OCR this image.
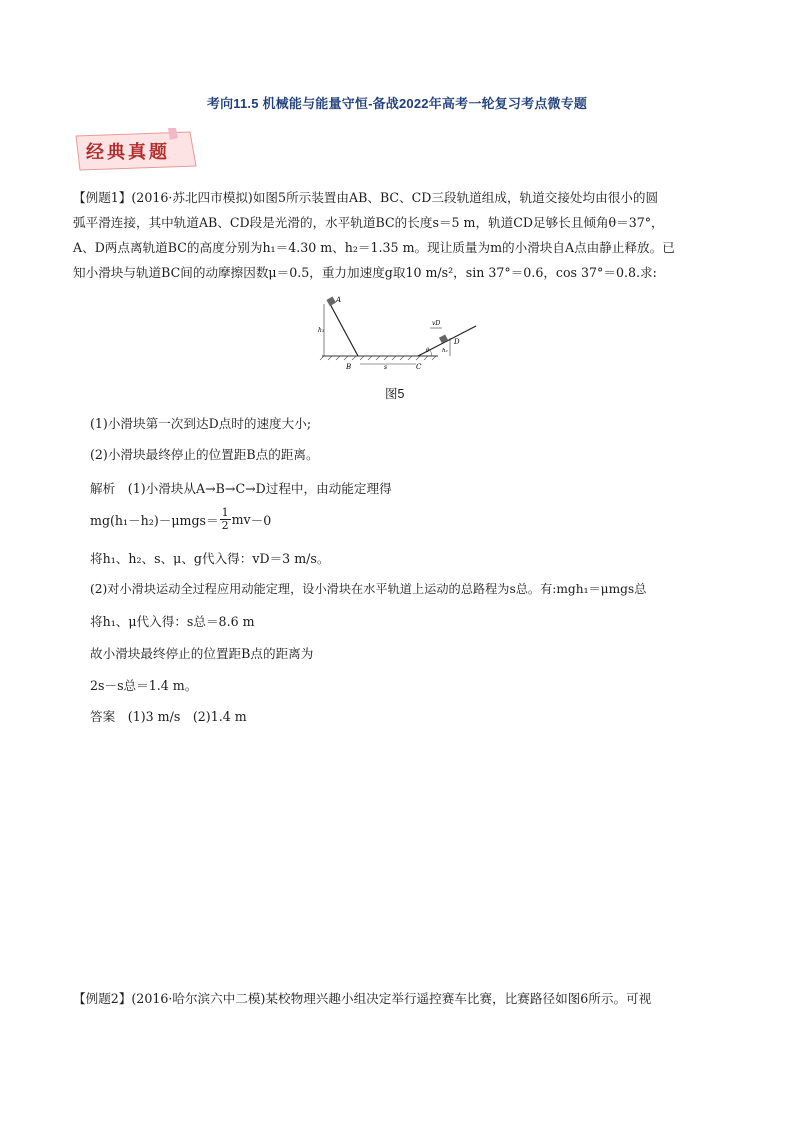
考向11.5 机械能与能量守恒-备战2022年高考一轮复习考点微专题
经典真题
【例题1】(2016·苏北四市模拟)如图5所示装置由AB、BC、CD三段轨道组成，轨道交接处均由很小的圆
弧平滑连接，其中轨道AB、CD段是光滑的，水平轨道BC的长度s＝5 m，轨道CD足够长且倾角θ＝37°，
A、D两点离轨道BC的高度分别为h₁＝4.30 m、h₂＝1.35 m。现让质量为m的小滑块自A点由静止释放。已
知小滑块与轨道BC间的动摩擦因数μ＝0.5，重力加速度g取10 m/s²，sin 37°＝0.6，cos 37°＝0.8.求:
A
h₁
B	s	C
vD
D
h₂
θ
图5
(1)小滑块第一次到达D点时的速度大小;
(2)小滑块最终停止的位置距B点的距离。
解析　(1)小滑块从A→B→C→D过程中，由动能定理得
$mg(h_1-h_2)-\mu mgs= \frac{1}{2}$ mv －0
将h₁、h₂、s、μ、g代入得：vD＝3 m/s。
(2)对小滑块运动全过程应用动能定理，设小滑块在水平轨道上运动的总路程为s总。有:mgh₁＝μmgs总
将h₁、μ代入得：s总＝8.6 m
故小滑块最终停止的位置距B点的距离为
2s－s总＝1.4 m。
答案　(1)3 m/s　(2)1.4 m
【例题2】(2016·哈尔滨六中二模)某校物理兴趣小组决定举行遥控赛车比赛，比赛路径如图6所示。可视
